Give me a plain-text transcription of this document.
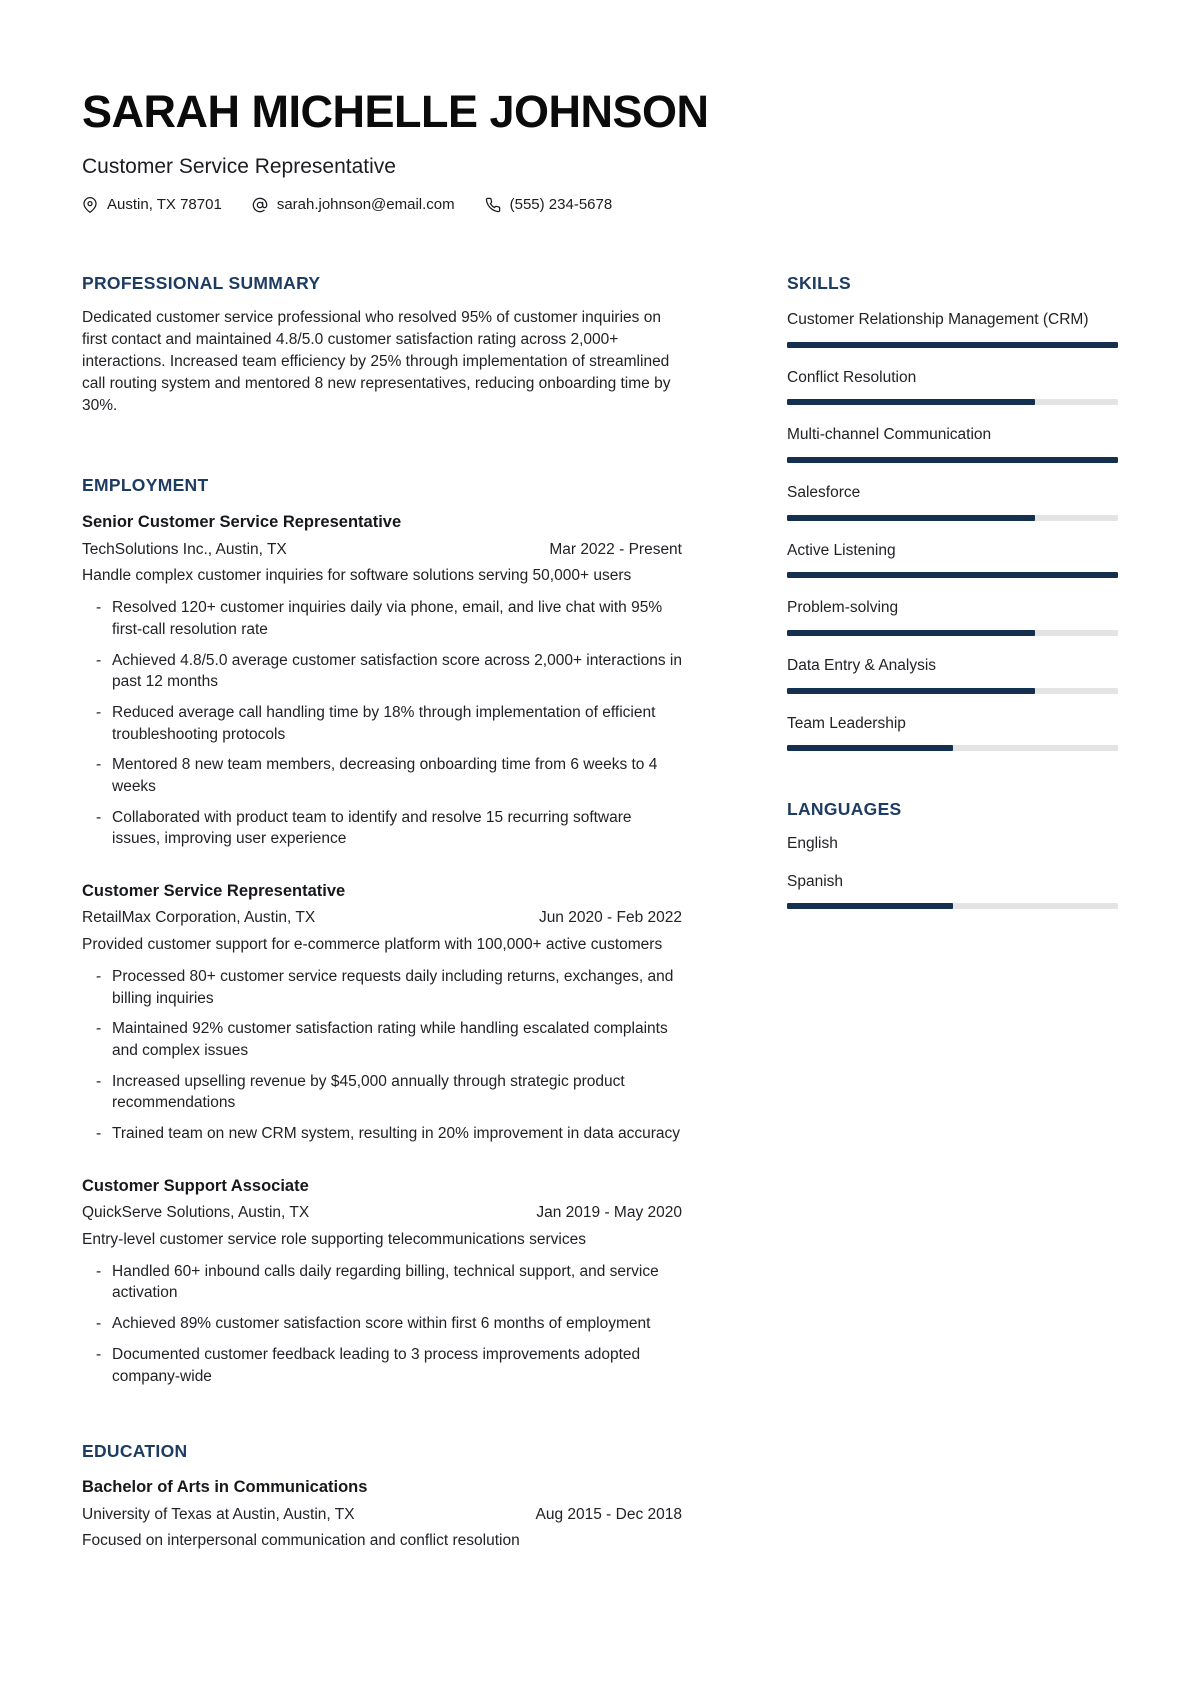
SARAH MICHELLE JOHNSON
Customer Service Representative
Austin, TX 78701	sarah.johnson@email.com	(555) 234-5678
PROFESSIONAL SUMMARY

Dedicated customer service professional who resolved 95% of customer inquiries on first contact and maintained 4.8/5.0 customer satisfaction rating across 2,000+ interactions. Increased team efficiency by 25% through implementation of streamlined call routing system and mentored 8 new representatives, reducing onboarding time by 30%.

EMPLOYMENT
Senior Customer Service Representative
TechSolutions Inc., Austin, TX	Mar 2022 - Present

Handle complex customer inquiries for software solutions serving 50,000+ users

- Resolved 120+ customer inquiries daily via phone, email, and live chat with 95% first-call resolution rate
- Achieved 4.8/5.0 average customer satisfaction score across 2,000+ interactions in past 12 months
- Reduced average call handling time by 18% through implementation of efficient troubleshooting protocols
- Mentored 8 new team members, decreasing onboarding time from 6 weeks to 4 weeks
- Collaborated with product team to identify and resolve 15 recurring software issues, improving user experience
Customer Service Representative
RetailMax Corporation, Austin, TX	Jun 2020 - Feb 2022

Provided customer support for e-commerce platform with 100,000+ active customers

- Processed 80+ customer service requests daily including returns, exchanges, and billing inquiries
- Maintained 92% customer satisfaction rating while handling escalated complaints and complex issues
- Increased upselling revenue by $45,000 annually through strategic product recommendations
- Trained team on new CRM system, resulting in 20% improvement in data accuracy
Customer Support Associate
QuickServe Solutions, Austin, TX	Jan 2019 - May 2020

Entry-level customer service role supporting telecommunications services

- Handled 60+ inbound calls daily regarding billing, technical support, and service activation
- Achieved 89% customer satisfaction score within first 6 months of employment
- Documented customer feedback leading to 3 process improvements adopted company-wide
EDUCATION
Bachelor of Arts in Communications
University of Texas at Austin, Austin, TX	Aug 2015 - Dec 2018

Focused on interpersonal communication and conflict resolution

SKILLS
Customer Relationship Management (CRM)
Conflict Resolution
Multi-channel Communication
Salesforce
Active Listening
Problem-solving
Data Entry & Analysis
Team Leadership
LANGUAGES
English
Spanish
